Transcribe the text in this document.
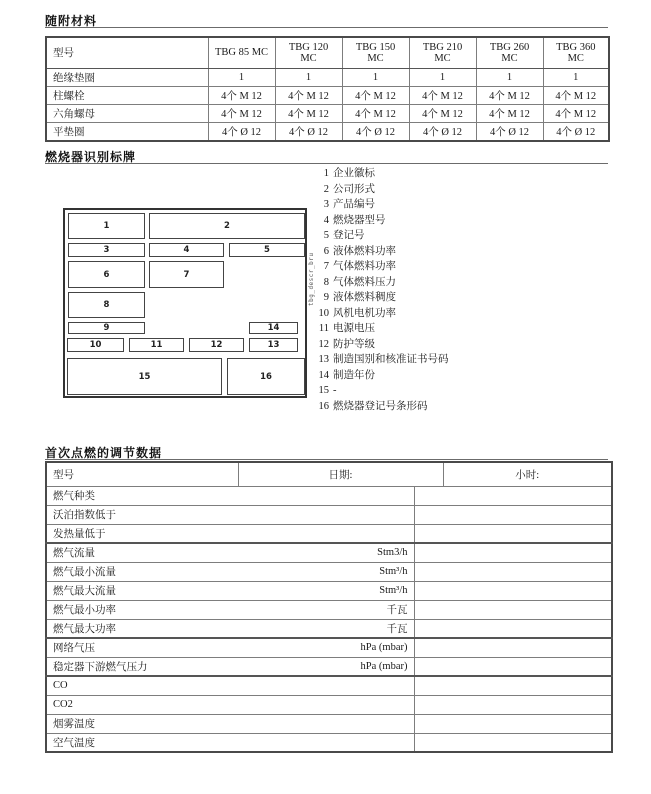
随附材料
型号	TBG 85 MC	TBG 120 MC	TBG 150 MC	TBG 210 MC	TBG 260 MC	TBG 360 MC
绝缘垫圈	1	1	1	1	1	1
柱螺栓	4个 M 12	4个 M 12	4个 M 12	4个 M 12	4个 M 12	4个 M 12
六角螺母	4个 M 12	4个 M 12	4个 M 12	4个 M 12	4个 M 12	4个 M 12
平垫圈	4个 Ø 12	4个 Ø 12	4个 Ø 12	4个 Ø 12	4个 Ø 12	4个 Ø 12
燃烧器识别标牌
1	2
3	4	5
6	7
8
9
10	11	12	13
14
15	16
tbg_descr_bru
1 企业徽标
2 公司形式
3 产品编号
4 燃烧器型号
5 登记号
6 液体燃料功率
7 气体燃料功率
8 气体燃料压力
9 液体燃料稠度
10 风机电机功率
11 电源电压
12 防护等级
13 制造国别和核准证书号码
14 制造年份
15 -
16 燃烧器登记号条形码
首次点燃的调节数据
型号	日期:		小时:

燃气种类			

沃泊指数低于			

发热量低于			

燃气流量 Stm3/h			

燃气最小流量 Stm³/h			

燃气最大流量 Stm³/h			

燃气最小功率 千瓦			

燃气最大功率 千瓦			

网络气压 hPa (mbar)			

稳定器下游燃气压力 hPa (mbar)			

CO			

CO2			

烟雾温度			

空气温度			
